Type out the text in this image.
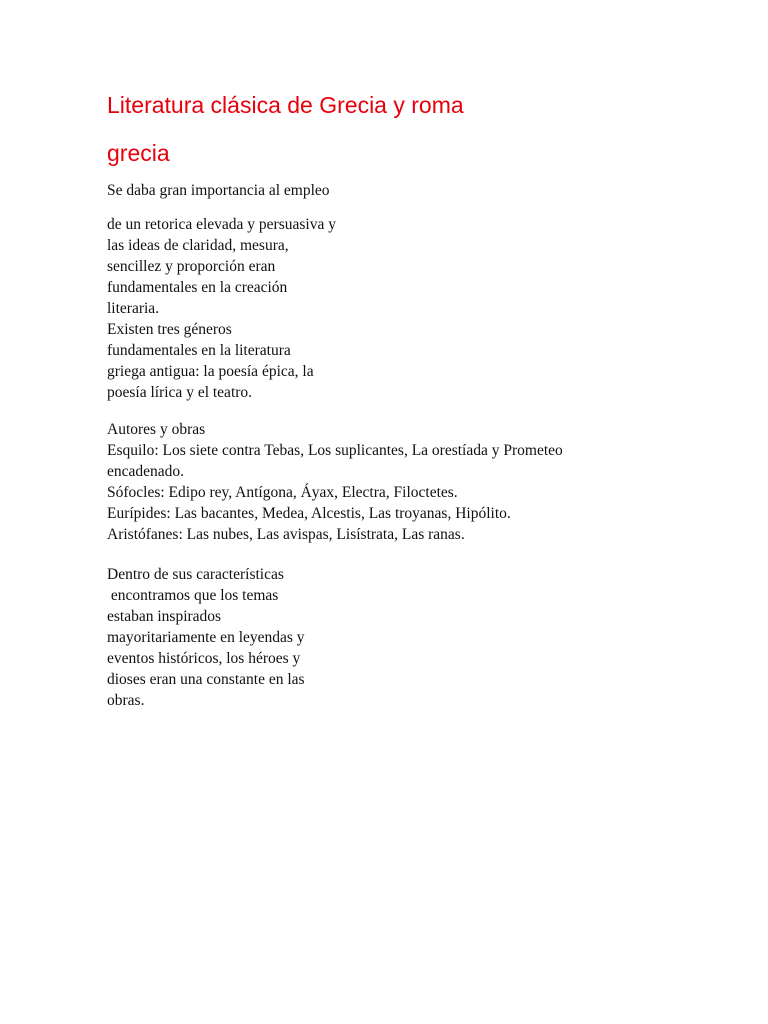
Literatura clásica de Grecia y roma
grecia

Se daba gran importancia al empleo

de un retorica elevada y persuasiva y
las ideas de claridad, mesura,
sencillez y proporción eran
fundamentales en la creación
literaria.
Existen tres géneros
fundamentales en la literatura
griega antigua: la poesía épica, la
poesía lírica y el teatro.
Autores y obras
Esquilo: Los siete contra Tebas, Los suplicantes, La orestíada y Prometeo
encadenado.
Sófocles: Edipo rey, Antígona, Áyax, Electra, Filoctetes.
Eurípides: Las bacantes, Medea, Alcestis, Las troyanas, Hipólito.
Aristófanes: Las nubes, Las avispas, Lisístrata, Las ranas.
Dentro de sus características
encontramos que los temas
estaban inspirados
mayoritariamente en leyendas y
eventos históricos, los héroes y
dioses eran una constante en las
obras.
